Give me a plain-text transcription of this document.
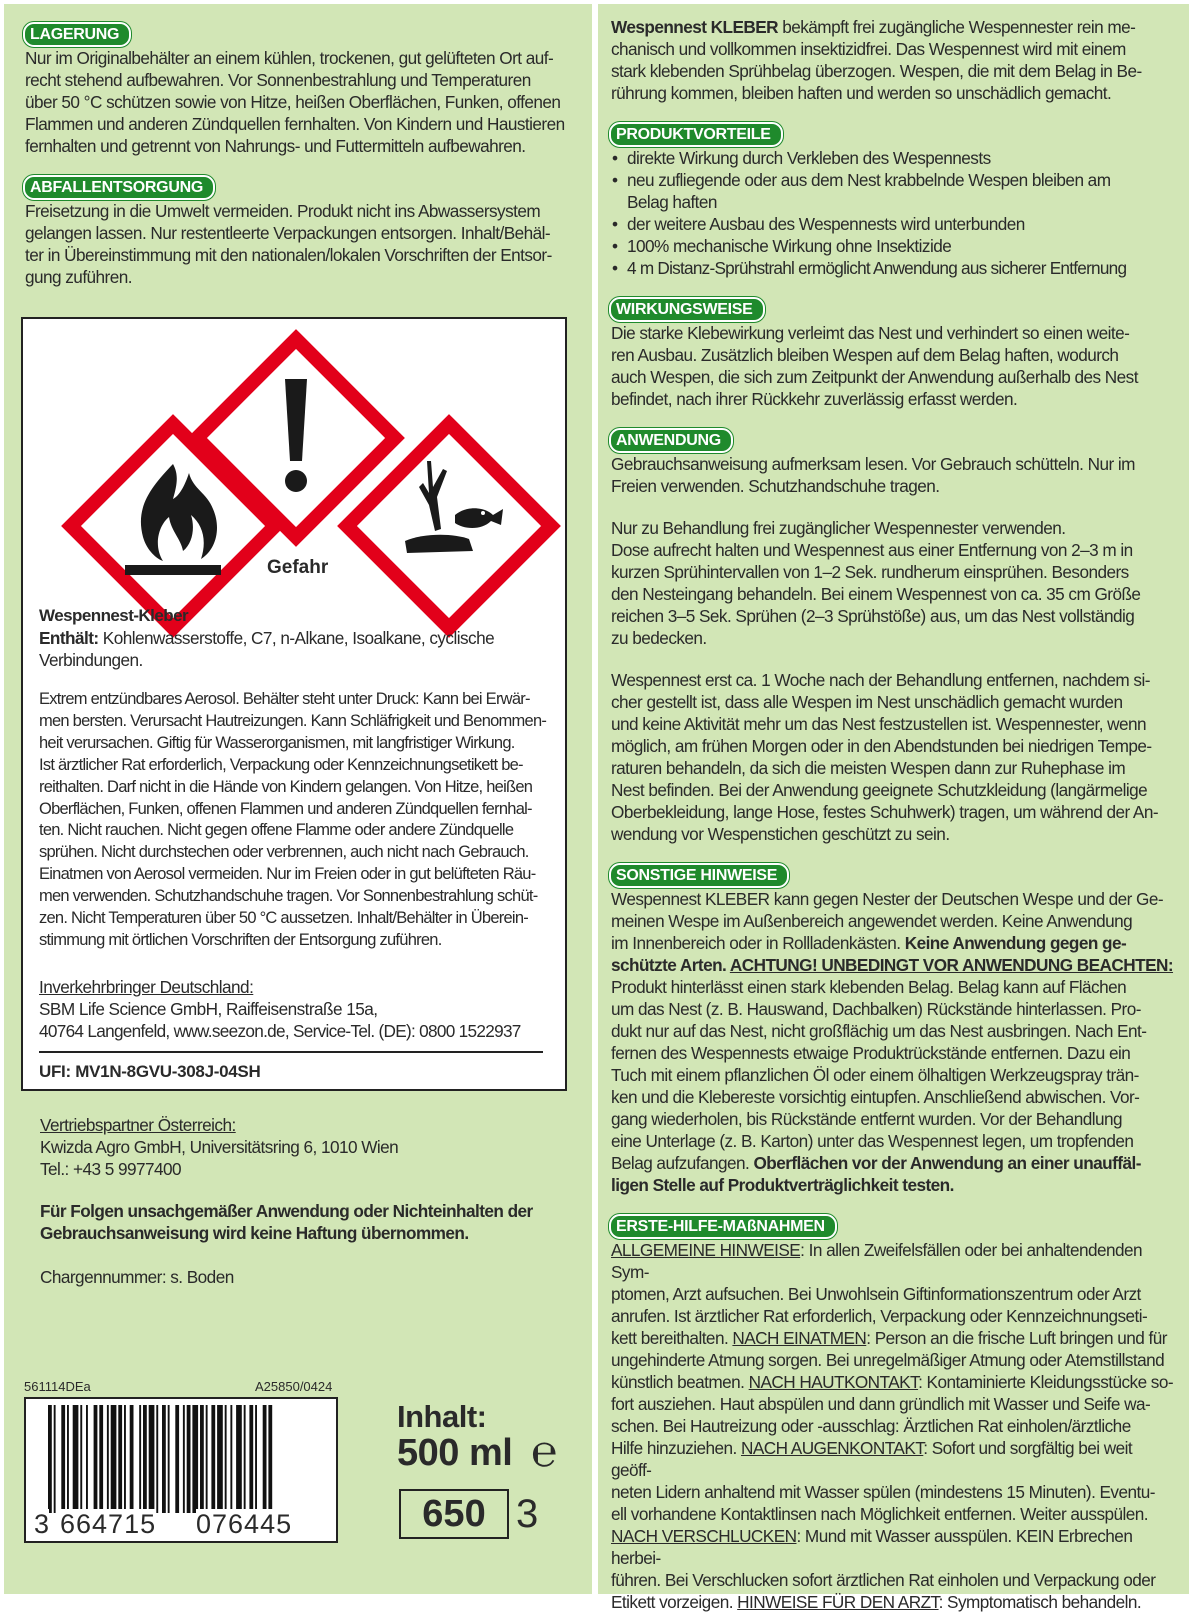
LAGERUNG

Nur im Originalbehälter an einem kühlen, trockenen, gut gelüfteten Ort auf-

recht stehend aufbewahren. Vor Sonnenbestrahlung und Temperaturen

über 50 °C schützen sowie von Hitze, heißen Oberflächen, Funken, offenen

Flammen und anderen Zündquellen fernhalten. Von Kindern und Haustieren

fernhalten und getrennt von Nahrungs- und Futtermitteln aufbewahren.

ABFALLENTSORGUNG

Freisetzung in die Umwelt vermeiden. Produkt nicht ins Abwassersystem

gelangen lassen. Nur restentleerte Verpackungen entsorgen. Inhalt/Behäl-

ter in Übereinstimmung mit den nationalen/lokalen Vorschriften der Entsor-

gung zuführen.

Gefahr

Wespennest-Kleber

Enthält: Kohlenwasserstoffe, C7, n-Alkane, Isoalkane, cyclische

Verbindungen.

Extrem entzündbares Aerosol. Behälter steht unter Druck: Kann bei Erwär-

men bersten. Verursacht Hautreizungen. Kann Schläfrigkeit und Benommen-

heit verursachen. Giftig für Wasserorganismen, mit langfristiger Wirkung.

Ist ärztlicher Rat erforderlich, Verpackung oder Kennzeichnungsetikett be-

reithalten. Darf nicht in die Hände von Kindern gelangen. Von Hitze, heißen

Oberflächen, Funken, offenen Flammen und anderen Zündquellen fernhal-

ten. Nicht rauchen. Nicht gegen offene Flamme oder andere Zündquelle

sprühen. Nicht durchstechen oder verbrennen, auch nicht nach Gebrauch.

Einatmen von Aerosol vermeiden. Nur im Freien oder in gut belüfteten Räu-

men verwenden. Schutzhandschuhe tragen. Vor Sonnenbestrahlung schüt-

zen. Nicht Temperaturen über 50 °C aussetzen. Inhalt/Behälter in Überein-

stimmung mit örtlichen Vorschriften der Entsorgung zuführen.

Inverkehrbringer Deutschland:

SBM Life Science GmbH, Raiffeisenstraße 15a,

40764 Langenfeld, www.seezon.de, Service-Tel. (DE): 0800 1522937

UFI: MV1N-8GVU-308J-04SH

Vertriebspartner Österreich:

Kwizda Agro GmbH, Universitätsring 6, 1010 Wien

Tel.: +43 5 9977400

Für Folgen unsachgemäßer Anwendung oder Nichteinhalten der

Gebrauchsanweisung wird keine Haftung übernommen.

Chargennummer: s. Boden
561114DEa	A25850/0424
3 664715 076445
Inhalt:
500 ml ℮
650 3

Wespennest KLEBER bekämpft frei zugängliche Wespennester rein me-

chanisch und vollkommen insektizidfrei. Das Wespennest wird mit einem

stark klebenden Sprühbelag überzogen. Wespen, die mit dem Belag in Be-

rührung kommen, bleiben haften und werden so unschädlich gemacht.

PRODUKTVORTEILE

• direkte Wirkung durch Verkleben des Wespennests

• neu zufliegende oder aus dem Nest krabbelnde Wespen bleiben am

Belag haften

• der weitere Ausbau des Wespennests wird unterbunden

• 100% mechanische Wirkung ohne Insektizide

• 4 m Distanz-Sprühstrahl ermöglicht Anwendung aus sicherer Entfernung

WIRKUNGSWEISE

Die starke Klebewirkung verleimt das Nest und verhindert so einen weite-

ren Ausbau. Zusätzlich bleiben Wespen auf dem Belag haften, wodurch

auch Wespen, die sich zum Zeitpunkt der Anwendung außerhalb des Nest

befindet, nach ihrer Rückkehr zuverlässig erfasst werden.

ANWENDUNG

Gebrauchsanweisung aufmerksam lesen. Vor Gebrauch schütteln. Nur im

Freien verwenden. Schutzhandschuhe tragen.

Nur zu Behandlung frei zugänglicher Wespennester verwenden.

Dose aufrecht halten und Wespennest aus einer Entfernung von 2–3 m in

kurzen Sprühintervallen von 1–2 Sek. rundherum einsprühen. Besonders

den Nesteingang behandeln. Bei einem Wespennest von ca. 35 cm Größe

reichen 3–5 Sek. Sprühen (2–3 Sprühstöße) aus, um das Nest vollständig

zu bedecken.

Wespennest erst ca. 1 Woche nach der Behandlung entfernen, nachdem si-

cher gestellt ist, dass alle Wespen im Nest unschädlich gemacht wurden

und keine Aktivität mehr um das Nest festzustellen ist. Wespennester, wenn

möglich, am frühen Morgen oder in den Abendstunden bei niedrigen Tempe-

raturen behandeln, da sich die meisten Wespen dann zur Ruhephase im

Nest befinden. Bei der Anwendung geeignete Schutzkleidung (langärmelige

Oberbekleidung, lange Hose, festes Schuhwerk) tragen, um während der An-

wendung vor Wespenstichen geschützt zu sein.

SONSTIGE HINWEISE

Wespennest KLEBER kann gegen Nester der Deutschen Wespe und der Ge-

meinen Wespe im Außenbereich angewendet werden. Keine Anwendung

im Innenbereich oder in Rollladenkästen. Keine Anwendung gegen ge-

schützte Arten. ACHTUNG! UNBEDINGT VOR ANWENDUNG BEACHTEN:

Produkt hinterlässt einen stark klebenden Belag. Belag kann auf Flächen

um das Nest (z. B. Hauswand, Dachbalken) Rückstände hinterlassen. Pro-

dukt nur auf das Nest, nicht großflächig um das Nest ausbringen. Nach Ent-

fernen des Wespennests etwaige Produktrückstände entfernen. Dazu ein

Tuch mit einem pflanzlichen Öl oder einem ölhaltigen Werkzeugspray trän-

ken und die Klebereste vorsichtig eintupfen. Anschließend abwischen. Vor-

gang wiederholen, bis Rückstände entfernt wurden. Vor der Behandlung

eine Unterlage (z. B. Karton) unter das Wespennest legen, um tropfenden

Belag aufzufangen. Oberflächen vor der Anwendung an einer unauffäl-

ligen Stelle auf Produktverträglichkeit testen.

ERSTE-HILFE-MAßNAHMEN

ALLGEMEINE HINWEISE: In allen Zweifelsfällen oder bei anhaltendenden Sym-

ptomen, Arzt aufsuchen. Bei Unwohlsein Giftinformationszentrum oder Arzt

anrufen. Ist ärztlicher Rat erforderlich, Verpackung oder Kennzeichnungseti-

kett bereithalten. NACH EINATMEN: Person an die frische Luft bringen und für

ungehinderte Atmung sorgen. Bei unregelmäßiger Atmung oder Atemstillstand

künstlich beatmen. NACH HAUTKONTAKT: Kontaminierte Kleidungsstücke so-

fort ausziehen. Haut abspülen und dann gründlich mit Wasser und Seife wa-

schen. Bei Hautreizung oder -ausschlag: Ärztlichen Rat einholen/ärztliche

Hilfe hinzuziehen. NACH AUGENKONTAKT: Sofort und sorgfältig bei weit geöff-

neten Lidern anhaltend mit Wasser spülen (mindestens 15 Minuten). Eventu-

ell vorhandene Kontaktlinsen nach Möglichkeit entfernen. Weiter ausspülen.

NACH VERSCHLUCKEN: Mund mit Wasser ausspülen. KEIN Erbrechen herbei-

führen. Bei Verschlucken sofort ärztlichen Rat einholen und Verpackung oder

Etikett vorzeigen. HINWEISE FÜR DEN ARZT: Symptomatisch behandeln.
